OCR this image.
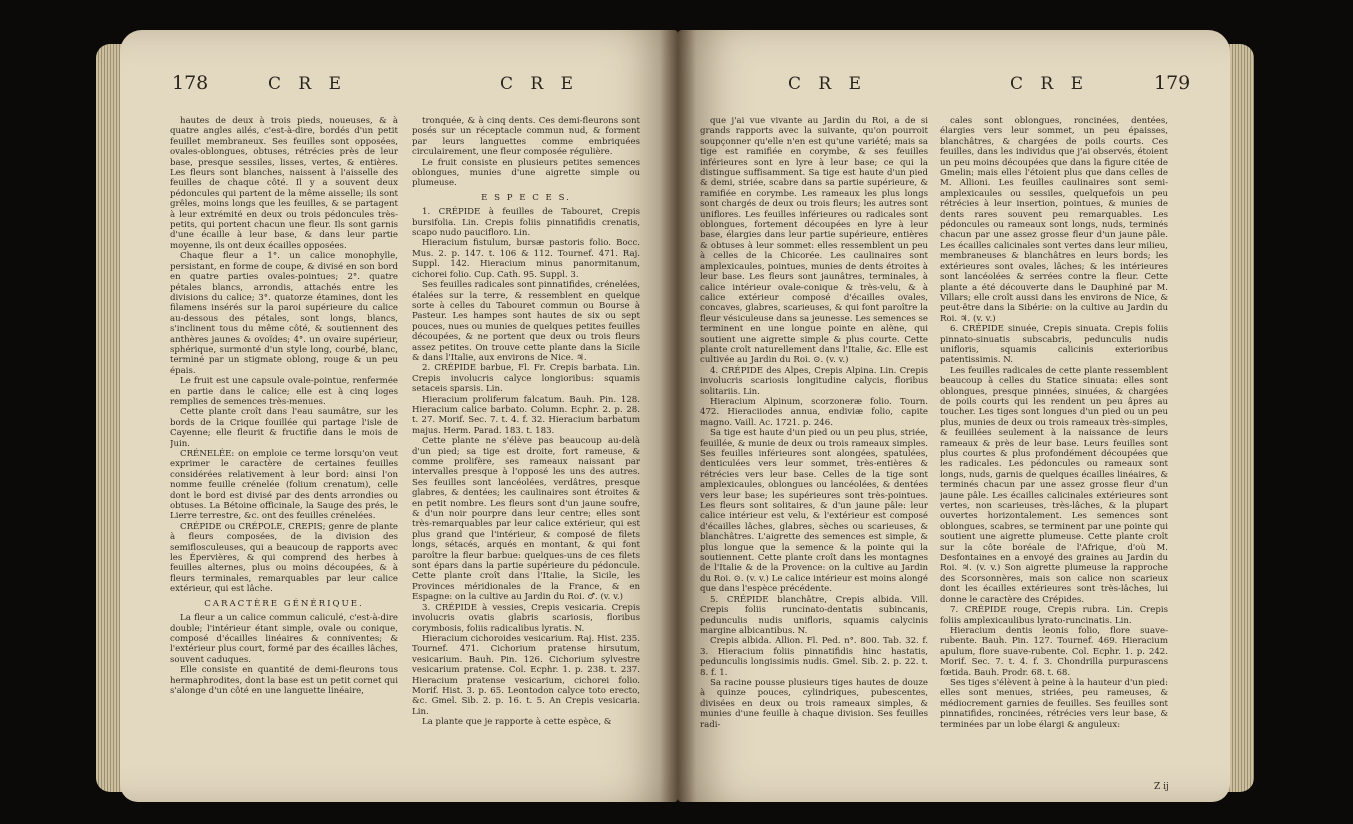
178	C R E	C R E

hautes de deux à trois pieds, noueuses, & à quatre angles ailés, c'est-à-dire, bordés d'un petit feuillet membraneux. Ses feuilles sont opposées, ovales-oblongues, obtuses, rétrécies près de leur base, presque sessiles, lisses, vertes, & entières. Les fleurs sont blanches, naissent à l'aisselle des feuilles de chaque côté. Il y a souvent deux pédoncules qui partent de la même aisselle; ils sont grêles, moins longs que les feuilles, & se partagent à leur extrémité en deux ou trois pédoncules très-petits, qui portent chacun une fleur. Ils sont garnis d'une écaille à leur base, & dans leur partie moyenne, ils ont deux écailles opposées.

Chaque fleur a 1°. un calice monophylle, persistant, en forme de coupe, & divisé en son bord en quatre parties ovales-pointues; 2°. quatre pétales blancs, arrondis, attachés entre les divisions du calice; 3°. quatorze étamines, dont les filamens insérés sur la paroi supérieure du calice au-dessous des pétales, sont longs, blancs, s'inclinent tous du même côté, & soutiennent des anthères jaunes & ovoïdes; 4°. un ovaire supérieur, sphérique, surmonté d'un style long, courbé, blanc, terminé par un stigmate oblong, rouge & un peu épais.

Le fruit est une capsule ovale-pointue, renfermée en partie dans le calice; elle est à cinq loges remplies de semences très-menues.

Cette plante croît dans l'eau saumâtre, sur les bords de la Crique fouillée qui partage l'isle de Cayenne; elle fleurit & fructifie dans le mois de Juin.

CRÉNELÉE: on emploie ce terme lorsqu'on veut exprimer le caractère de certaines feuilles considérées relativement à leur bord: ainsi l'on nomme feuille crénelée (folium crenatum), celle dont le bord est divisé par des dents arrondies ou obtuses. La Bétoine officinale, la Sauge des prés, le Lierre terrestre, &c. ont des feuilles crénelées.

CRÉPIDE ou CRÉPOLE, CREPIS; genre de plante à fleurs composées, de la division des semiflosculeuses, qui a beaucoup de rapports avec les Épervières, & qui comprend des herbes à feuilles alternes, plus ou moins découpées, & à fleurs terminales, remarquables par leur calice extérieur, qui est lâche.

CARACTÈRE GÉNÉRIQUE.

La fleur a un calice commun caliculé, c'est-à-dire double; l'intérieur étant simple, ovale ou conique, composé d'écailles linéaires & conniventes; & l'extérieur plus court, formé par des écailles lâches, souvent caduques.

Elle consiste en quantité de demi-fleurons tous hermaphrodites, dont la base est un petit cornet qui s'alonge d'un côté en une languette linéaire,

tronquée, & à cinq dents. Ces demi-fleurons sont posés sur un réceptacle commun nud, & forment par leurs languettes comme embriquées circulairement, une fleur composée régulière.

Le fruit consiste en plusieurs petites semences oblongues, munies d'une aigrette simple ou plumeuse.

E S P E C E S.

1. CRÉPIDE à feuilles de Tabouret, Crepis bursifolia. Lin. Crepis foliis pinnatifidis crenatis, scapo nudo paucifloro. Lin.

Hieracium fistulum, bursæ pastoris folio. Bocc. Mus. 2. p. 147. t. 106 & 112. Tournef. 471. Raj. Suppl. 142. Hieracium minus panormitanum, cichorei folio. Cup. Cath. 95. Suppl. 3.

Ses feuilles radicales sont pinnatifides, crénelées, étalées sur la terre, & ressemblent en quelque sorte à celles du Tabouret commun ou Bourse à Pasteur. Les hampes sont hautes de six ou sept pouces, nues ou munies de quelques petites feuilles découpées, & ne portent que deux ou trois fleurs assez petites. On trouve cette plante dans la Sicile & dans l'Italie, aux environs de Nice. ♃.

2. CRÉPIDE barbue, Fl. Fr. Crepis barbata. Lin. Crepis involucris calyce longioribus: squamis setaceis sparsis. Lin.

Hieracium proliferum falcatum. Bauh. Pin. 128. Hieracium calice barbato. Column. Ecphr. 2. p. 28. t. 27. Morif. Sec. 7. t. 4. f. 32. Hieracium barbatum majus. Herm. Parad. 183. t. 183.

Cette plante ne s'élève pas beaucoup au-delà d'un pied; sa tige est droite, fort rameuse, & comme prolifère, ses rameaux naissant par intervalles presque à l'opposé les uns des autres. Ses feuilles sont lancéolées, verdâtres, presque glabres, & dentées; les caulinaires sont étroites & en petit nombre. Les fleurs sont d'un jaune soufre, & d'un noir pourpre dans leur centre; elles sont très-remarquables par leur calice extérieur, qui est plus grand que l'intérieur, & composé de filets longs, sétacés, arqués en montant, & qui font paroître la fleur barbue: quelques-uns de ces filets sont épars dans la partie supérieure du pédoncule. Cette plante croît dans l'Italie, la Sicile, les Provinces méridionales de la France, & en Espagne: on la cultive au Jardin du Roi. ♂. (v. v.)

3. CRÉPIDE à vessies, Crepis vesicaria. Crepis involucris ovatis glabris scariosis, floribus corymbosis, foliis radicalibus lyratis. N.

Hieracium cichoroides vesicarium. Raj. Hist. 235. Tournef. 471. Cichorium pratense hirsutum, vesicarium. Bauh. Pin. 126. Cichorium sylvestre vesicarium pratense. Col. Ecphr. 1. p. 238. t. 237. Hieracium pratense vesicarium, cichorei folio. Morif. Hist. 3. p. 65. Leontodon calyce toto erecto, &c. Gmel. Sib. 2. p. 16. t. 5. An Crepis vesicaria. Lin.

La plante que je rapporte à cette espèce, &

C R E	C R E	179

que j'ai vue vivante au Jardin du Roi, a de si grands rapports avec la suivante, qu'on pourroit soupçonner qu'elle n'en est qu'une variété; mais sa tige est ramifiée en corymbe, & ses feuilles inférieures sont en lyre à leur base; ce qui la distingue suffisamment. Sa tige est haute d'un pied & demi, striée, scabre dans sa partie supérieure, & ramifiée en corymbe. Les rameaux les plus longs sont chargés de deux ou trois fleurs; les autres sont uniflores. Les feuilles inférieures ou radicales sont oblongues, fortement découpées en lyre à leur base, élargies dans leur partie supérieure, entières & obtuses à leur sommet: elles ressemblent un peu à celles de la Chicorée. Les caulinaires sont amplexicaules, pointues, munies de dents étroites à leur base. Les fleurs sont jaunâtres, terminales, à calice intérieur ovale-conique & très-velu, & à calice extérieur composé d'écailles ovales, concaves, glabres, scarieuses, & qui font paroître la fleur vésiculeuse dans sa jeunesse. Les semences se terminent en une longue pointe en alène, qui soutient une aigrette simple & plus courte. Cette plante croît naturellement dans l'Italie, &c. Elle est cultivée au Jardin du Roi. ⊙. (v. v.)

4. CRÉPIDE des Alpes, Crepis Alpina. Lin. Crepis involucris scariosis longitudine calycis, floribus solitariis. Lin.

Hieracium Alpinum, scorzoneræ folio. Tourn. 472. Hieraciiodes annua, endiviæ folio, capite magno. Vaill. Ac. 1721. p. 246.

Sa tige est haute d'un pied ou un peu plus, striée, feuillée, & munie de deux ou trois rameaux simples. Ses feuilles inférieures sont alongées, spatulées, denticulées vers leur sommet, très-entières & rétrécies vers leur base. Celles de la tige sont amplexicaules, oblongues ou lancéolées, & dentées vers leur base; les supérieures sont très-pointues. Les fleurs sont solitaires, & d'un jaune pâle: leur calice intérieur est velu, & l'extérieur est composé d'écailles lâches, glabres, sèches ou scarieuses, & blanchâtres. L'aigrette des semences est simple, & plus longue que la semence & la pointe qui la soutiennent. Cette plante croît dans les montagnes de l'Italie & de la Provence: on la cultive au Jardin du Roi. ⊙. (v. v.) Le calice intérieur est moins alongé que dans l'espèce précédente.

5. CRÉPIDE blanchâtre, Crepis albida. Vill. Crepis foliis runcinato-dentatis subincanis, pedunculis nudis unifloris, squamis calycinis margine albicantibus. N.

Crepis albida. Allion. Fl. Ped. n°. 800. Tab. 32. f. 3. Hieracium foliis pinnatifidis hinc hastatis, pedunculis longissimis nudis. Gmel. Sib. 2. p. 22. t. 8. f. 1.

Sa racine pousse plusieurs tiges hautes de douze à quinze pouces, cylindriques, pubescentes, divisées en deux ou trois rameaux simples, & munies d'une feuille à chaque division. Ses feuilles radi-

cales sont oblongues, roncinées, dentées, élargies vers leur sommet, un peu épaisses, blanchâtres, & chargées de poils courts. Ces feuilles, dans les individus que j'ai observés, étoient un peu moins découpées que dans la figure citée de Gmelin; mais elles l'étoient plus que dans celles de M. Allioni. Les feuilles caulinaires sont semi-amplexicaules ou sessiles, quelquefois un peu rétrécies à leur insertion, pointues, & munies de dents rares souvent peu remarquables. Les pédoncules ou rameaux sont longs, nuds, terminés chacun par une assez grosse fleur d'un jaune pâle. Les écailles calicinales sont vertes dans leur milieu, membraneuses & blanchâtres en leurs bords; les extérieures sont ovales, lâches; & les intérieures sont lancéolées & serrées contre la fleur. Cette plante a été découverte dans le Dauphiné par M. Villars; elle croît aussi dans les environs de Nice, & peut-être dans la Sibérie: on la cultive au Jardin du Roi. ♃. (v. v.)

6. CRÉPIDE sinuée, Crepis sinuata. Crepis foliis pinnato-sinuatis subscabris, pedunculis nudis unifloris, squamis calicinis exterioribus patentissimis. N.

Les feuilles radicales de cette plante ressemblent beaucoup à celles du Statice sinuata: elles sont oblongues, presque pinnées, sinuées, & chargées de poils courts qui les rendent un peu âpres au toucher. Les tiges sont longues d'un pied ou un peu plus, munies de deux ou trois rameaux très-simples, & feuillées seulement à la naissance de leurs rameaux & près de leur base. Leurs feuilles sont plus courtes & plus profondément découpées que les radicales. Les pédoncules ou rameaux sont longs, nuds, garnis de quelques écailles linéaires, & terminés chacun par une assez grosse fleur d'un jaune pâle. Les écailles calicinales extérieures sont vertes, non scarieuses, très-lâches, & la plupart ouvertes horizontalement. Les semences sont oblongues, scabres, se terminent par une pointe qui soutient une aigrette plumeuse. Cette plante croît sur la côte boréale de l'Afrique, d'où M. Desfontaines en a envoyé des graines au Jardin du Roi. ♃. (v. v.) Son aigrette plumeuse la rapproche des Scorsonnères, mais son calice non scarieux dont les écailles extérieures sont très-lâches, lui donne le caractère des Crépides.

7. CRÉPIDE rouge, Crepis rubra. Lin. Crepis foliis amplexicaulibus lyrato-runcinatis. Lin.

Hieracium dentis leonis folio, flore suave-rubente. Bauh. Pin. 127. Tournef. 469. Hieracium apulum, flore suave-rubente. Col. Ecphr. 1. p. 242. Morif. Sec. 7. t. 4. f. 3. Chondrilla purpurascens fœtida. Bauh. Prodr. 68. t. 68.

Ses tiges s'élèvent à peine à la hauteur d'un pied: elles sont menues, striées, peu rameuses, & médiocrement garnies de feuilles. Ses feuilles sont pinnatifides, roncinées, rétrécies vers leur base, & terminées par un lobe élargi & anguleux:

Z ij
